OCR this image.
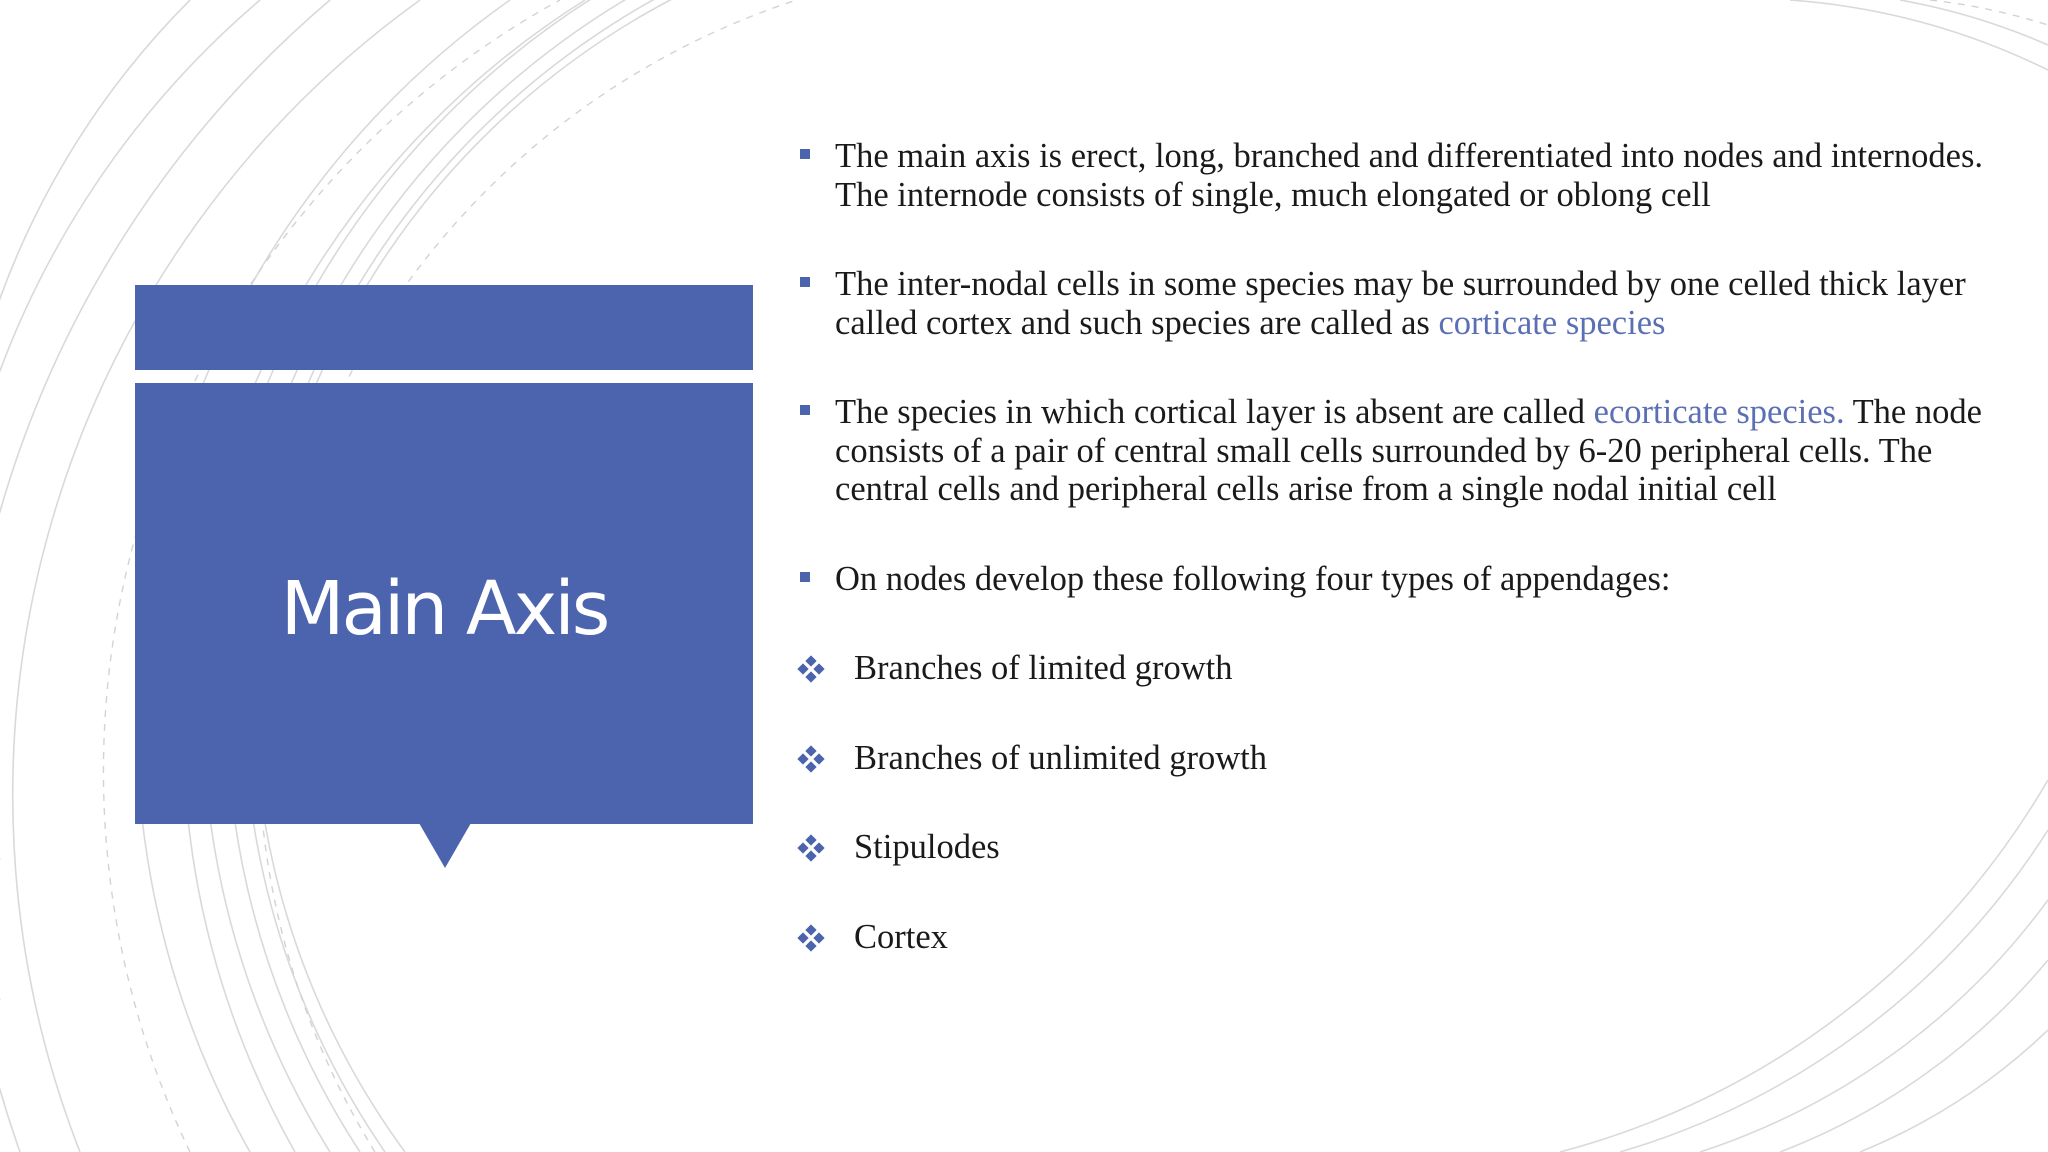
Main Axis
The main axis is erect, long, branched and differentiated into nodes and internodes. The internode consists of single, much elongated or oblong cell
The inter-nodal cells in some species may be surrounded by one celled thick layer called cortex and such species are called as corticate species
The species in which cortical layer is absent are called ecorticate species. The node consists of a pair of central small cells surrounded by 6-20 peripheral cells. The central cells and peripheral cells arise from a single nodal initial cell
On nodes develop these following four types of appendages:
Branches of limited growth
Branches of unlimited growth
Stipulodes
Cortex
